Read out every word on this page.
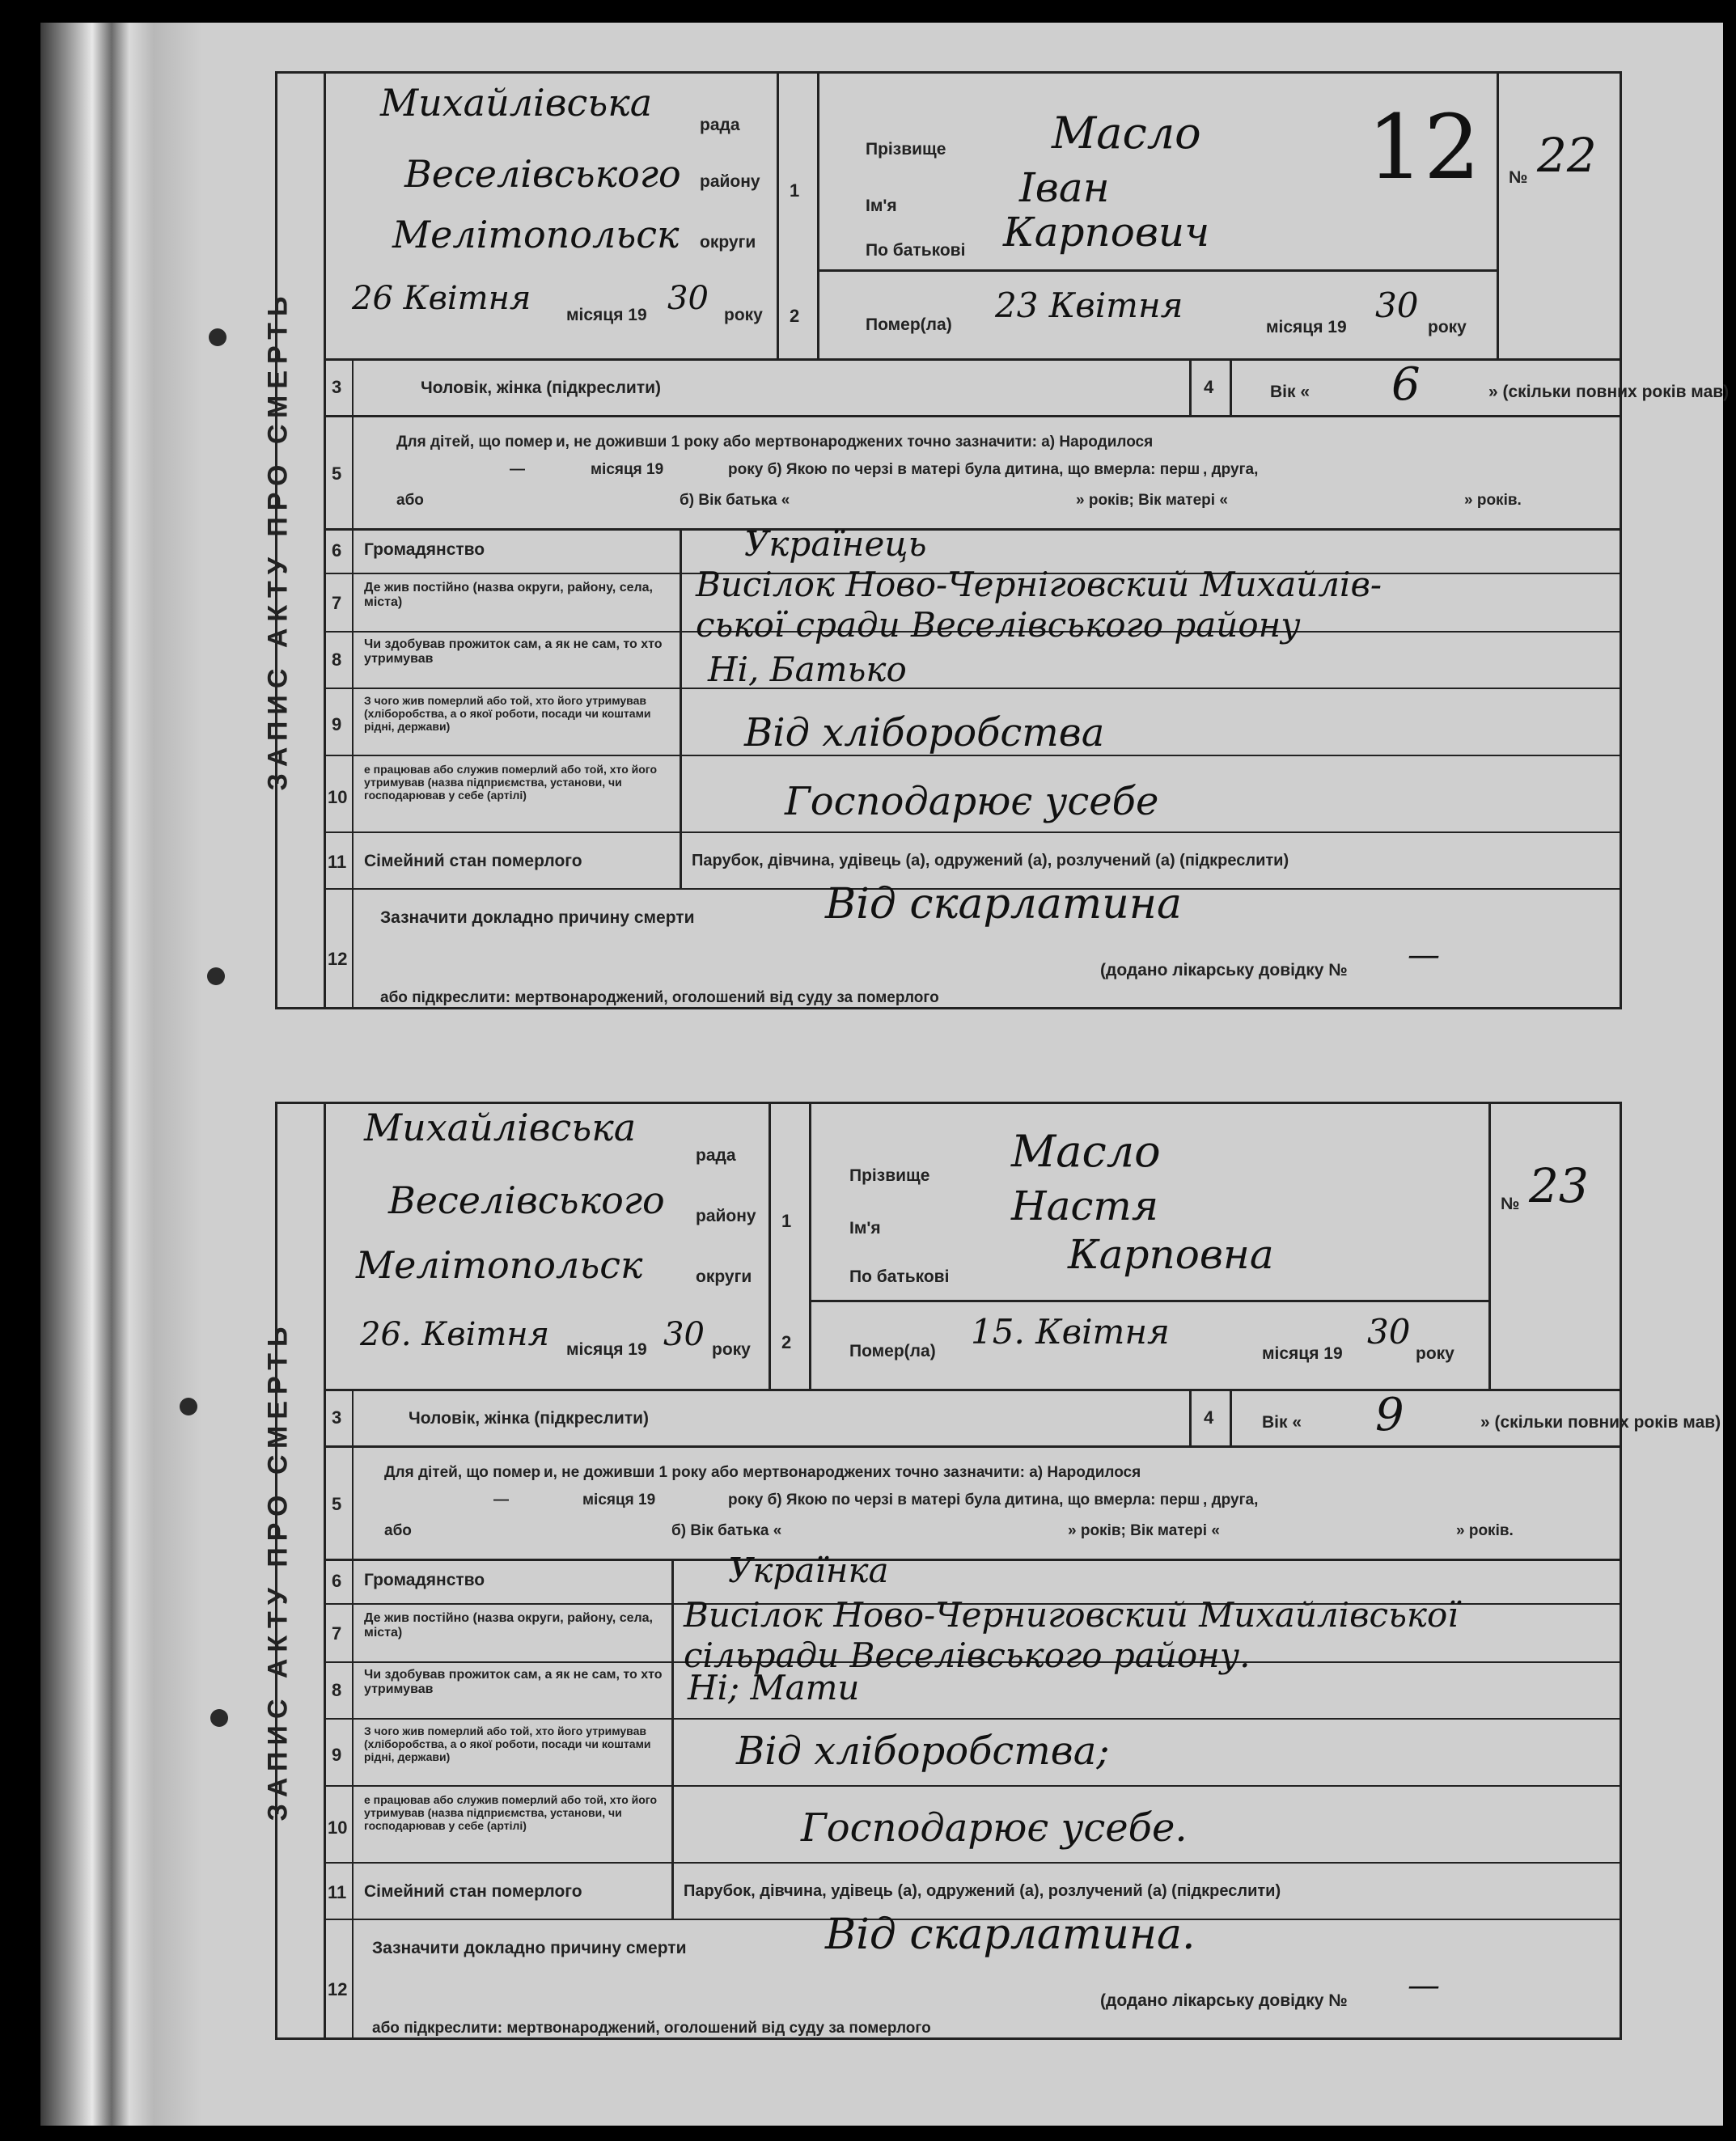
12
ЗАПИС АКТУ ПРО СМЕРТЬ
Михайлівська
рада
Веселівського району
Мелітопольск округи
26 Квітня місяця 19 30 року
1
2
Прізвище Масло
Ім'я	Іван
По батькові Карпович
Помер(ла) 23 Квітня
місяця 19
30
року
№ 22
3	Чоловік, жінка (підкреслити)	4	Вік « 6	» (скільки повних років мав)
5
Для дітей, що помер и, не доживши 1 року або мертвонароджених точно зазначити: а) Народилося
—	місяця 19	року б) Якою по черзі в матері була дитина, що вмерла: перш , друга,
або	б) Вік батька «	» років; Вік матері «	» років.
6 Громадянство	Українець
7
Де жив постійно (назва округи, району, села, міста)	Висілок Ново-Черніговский Михайлів-
ської сради Веселівського району
8
Чи здобував прожиток сам, а як не сам, то хто утримував	Ні, Батько
9
З чого жив померлий або той, хто його утримував (хліборобства, а о якої роботи, посади чи коштами рідні, держави)	Від хліборобства
10
е працював або служив померлий або той, хто його утримував (назва підприємства, установи, чи господарював у себе (артілі)	Господарює усебе
11 Сімейний стан померлого	Парубок, дівчина, удівець (а), одружений (а), розлучений (а) (підкреслити)
12
Зазначити докладно причину смерти	Від скарлатина
(додано лікарську довідку № —
або підкреслити: мертвонароджений, оголошений від суду за померлого
ЗАПИС АКТУ ПРО СМЕРТЬ
Михайлівська
рада
Веселівського району
Мелітопольск	округи
26. Квітня місяця 19 30 року
1
2
Прізвище Масло
Ім'я	Настя
По батькові	Карповна
Помер(ла) 15. Квітня
місяця 19
30
року
№ 23
3	Чоловік, жінка (підкреслити)	4	Вік « 9	» (скільки повних років мав)
5
Для дітей, що помер и, не доживши 1 року або мертвонароджених точно зазначити: а) Народилося
—	місяця 19	року б) Якою по черзі в матері була дитина, що вмерла: перш , друга,
або	б) Вік батька «	» років; Вік матері «	» років.
6 Громадянство	Українка
7
Де жив постійно (назва округи, району, села, міста)	Висілок Ново-Черниговский Михайлівської
сільради Веселівського району.
8
Чи здобував прожиток сам, а як не сам, то хто утримував	Ні; Мати
9
З чого жив померлий або той, хто його утримував (хліборобства, а о якої роботи, посади чи коштами рідні, держави)	Від хліборобства;
10
е працював або служив померлий або той, хто його утримував (назва підприємства, установи, чи господарював у себе (артілі)	Господарює усебе.
11 Сімейний стан померлого	Парубок, дівчина, удівець (а), одружений (а), розлучений (а) (підкреслити)
12
Зазначити докладно причину смерти	Від скарлатина.
(додано лікарську довідку № —
або підкреслити: мертвонароджений, оголошений від суду за померлого
